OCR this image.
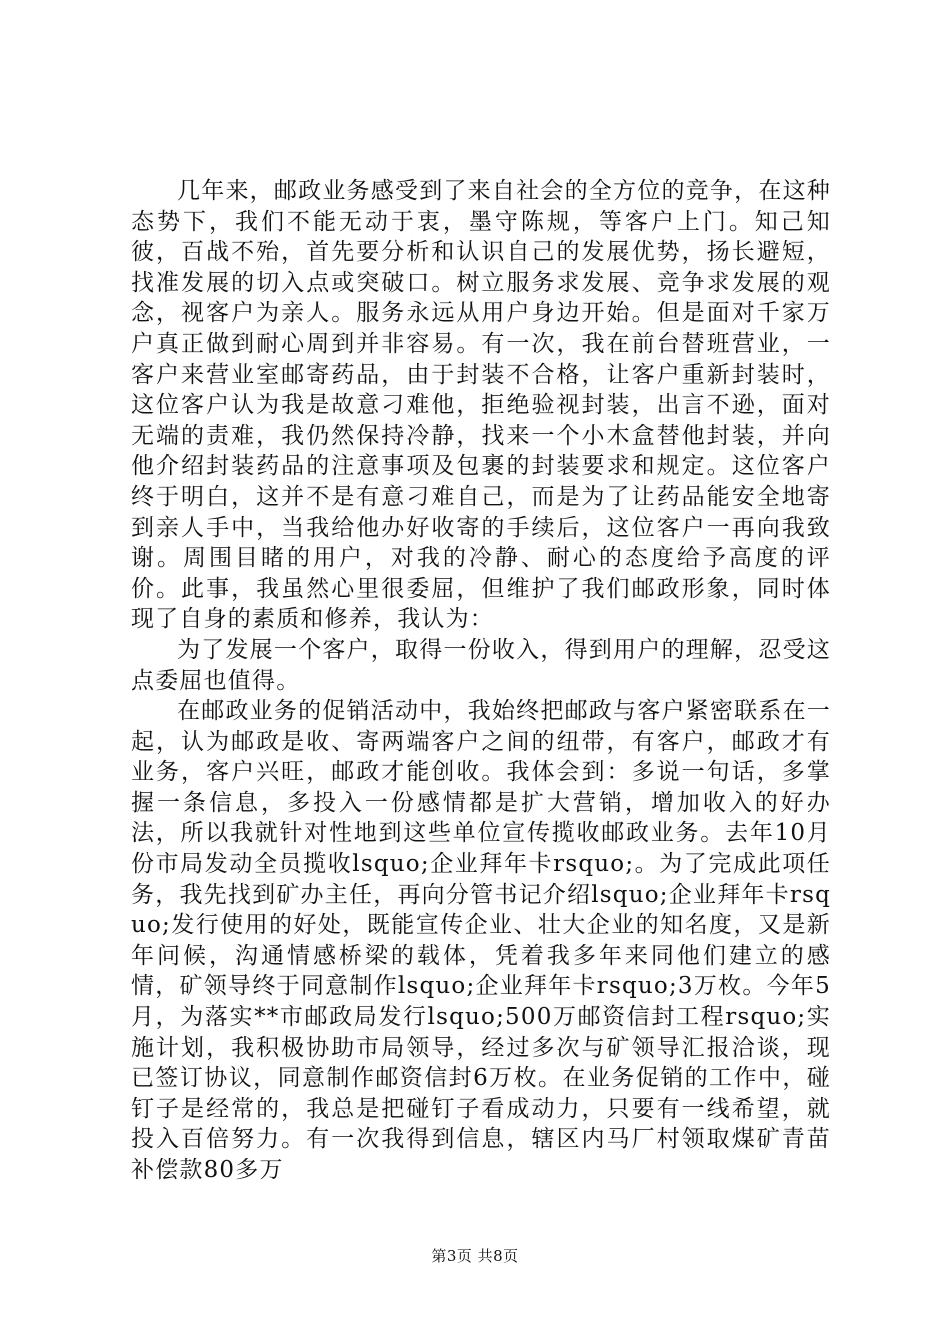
几年来，邮政业务感受到了来自社会的全方位的竞争，在这种态势下，我们不能无动于衷，墨守陈规，等客户上门。知己知彼，百战不殆，首先要分析和认识自己的发展优势，扬长避短，找准发展的切入点或突破口。树立服务求发展、竞争求发展的观念，视客户为亲人。服务永远从用户身边开始。但是面对千家万户真正做到耐心周到并非容易。有一次，我在前台替班营业，一客户来营业室邮寄药品，由于封装不合格，让客户重新封装时，这位客户认为我是故意刁难他，拒绝验视封装，出言不逊，面对无端的责难，我仍然保持冷静，找来一个小木盒替他封装，并向他介绍封装药品的注意事项及包裹的封装要求和规定。这位客户终于明白，这并不是有意刁难自己，而是为了让药品能安全地寄到亲人手中，当我给他办好收寄的手续后，这位客户一再向我致谢。周围目睹的用户，对我的冷静、耐心的态度给予高度的评价。此事，我虽然心里很委屈，但维护了我们邮政形象，同时体现了自身的素质和修养，我认为：

为了发展一个客户，取得一份收入，得到用户的理解，忍受这点委屈也值得。

在邮政业务的促销活动中，我始终把邮政与客户紧密联系在一起，认为邮政是收、寄两端客户之间的纽带，有客户，邮政才有业务，客户兴旺，邮政才能创收。我体会到：多说一句话，多掌握一条信息，多投入一份感情都是扩大营销，增加收入的好办法，所以我就针对性地到这些单位宣传揽收邮政业务。去年10月份市局发动全员揽收lsquo;企业拜年卡rsquo;。为了完成此项任务，我先找到矿办主任，再向分管书记介绍lsquo;企业拜年卡rsquo;发行使用的好处，既能宣传企业、壮大企业的知名度，又是新年问候，沟通情感桥梁的载体，凭着我多年来同他们建立的感情，矿领导终于同意制作lsquo;企业拜年卡rsquo;3万枚。今年5月，为落实**市邮政局发行lsquo;500万邮资信封工程rsquo;实施计划，我积极协助市局领导，经过多次与矿领导汇报洽谈，现已签订协议，同意制作邮资信封6万枚。在业务促销的工作中，碰钉子是经常的，我总是把碰钉子看成动力，只要有一线希望，就投入百倍努力。有一次我得到信息，辖区内马厂村领取煤矿青苗补偿款80多万

第3页 共8页
